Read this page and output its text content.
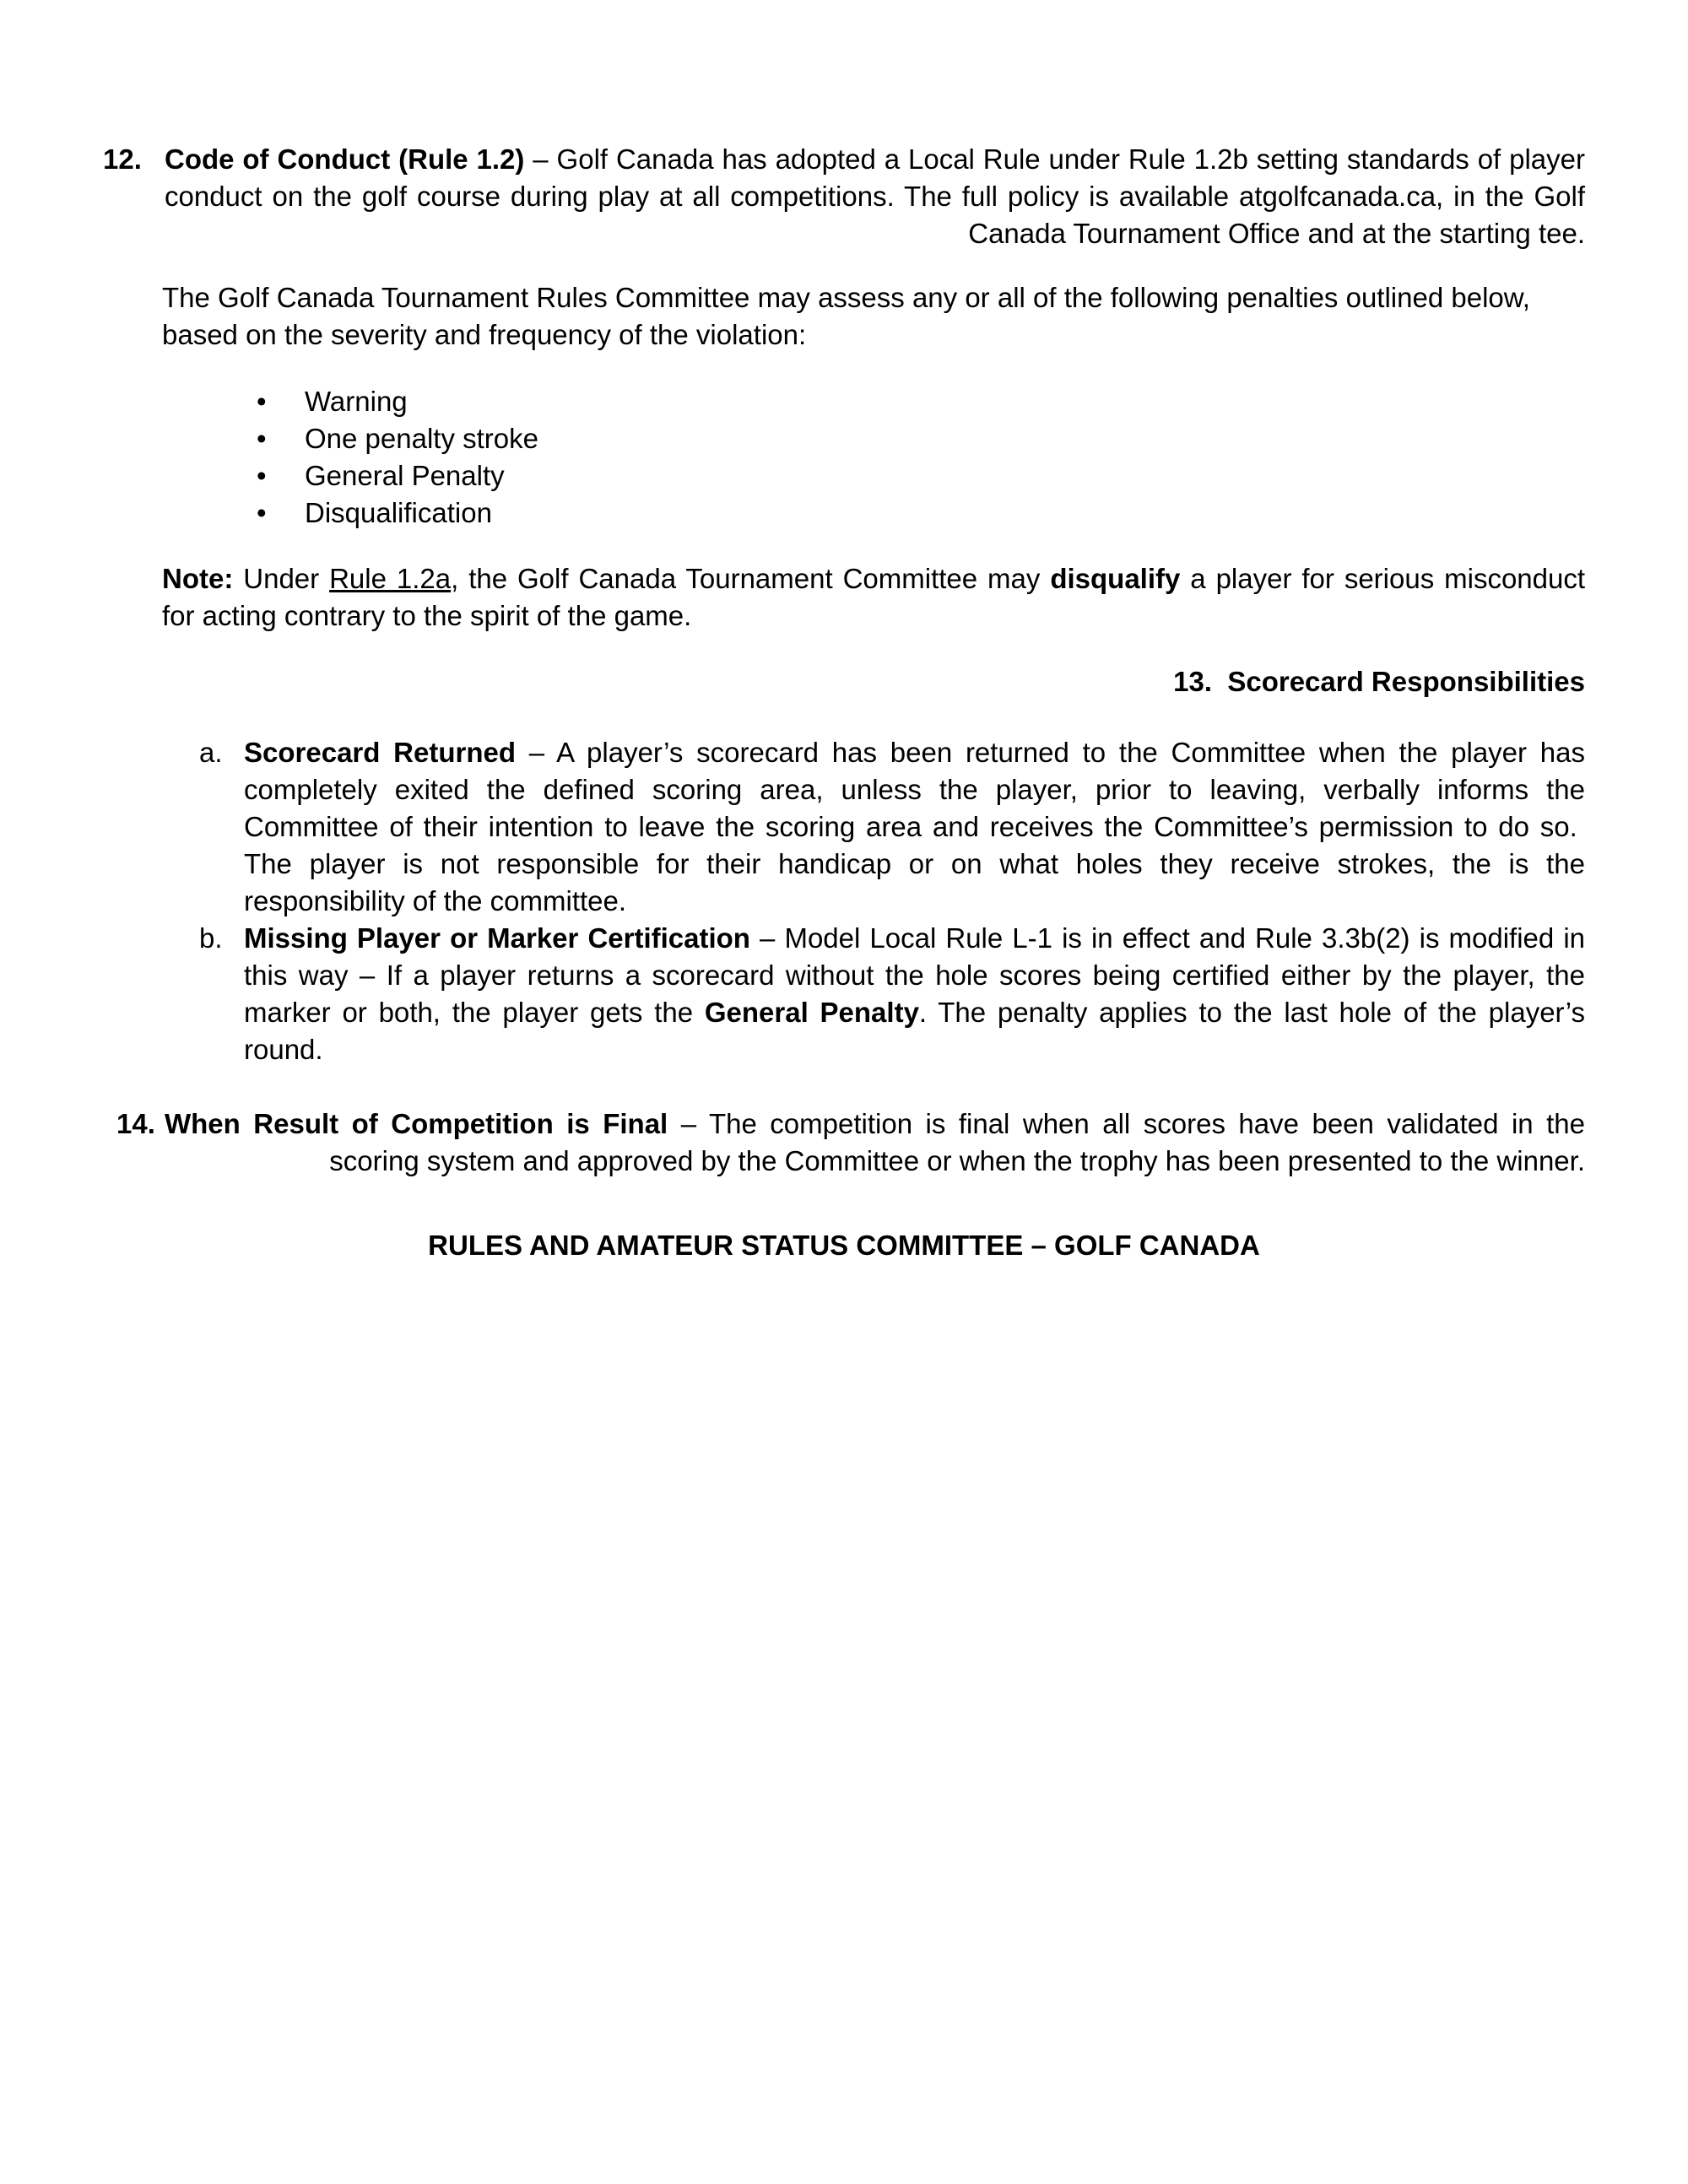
12. Code of Conduct (Rule 1.2) – Golf Canada has adopted a Local Rule under Rule 1.2b setting standards of player conduct on the golf course during play at all competitions. The full policy is available atgolfcanada.ca, in the Golf Canada Tournament Office and at the starting tee.
The Golf Canada Tournament Rules Committee may assess any or all of the following penalties outlined below, based on the severity and frequency of the violation:
• Warning
• One penalty stroke
• General Penalty
• Disqualification
Note: Under Rule 1.2a, the Golf Canada Tournament Committee may disqualify a player for serious misconduct for acting contrary to the spirit of the game.
13.  Scorecard Responsibilities
a. Scorecard Returned – A player’s scorecard has been returned to the Committee when the player has completely exited the defined scoring area, unless the player, prior to leaving, verbally informs the Committee of their intention to leave the scoring area and receives the Committee’s permission to do so.  The player is not responsible for their handicap or on what holes they receive strokes, the is the responsibility of the committee.
b. Missing Player or Marker Certification – Model Local Rule L-1 is in effect and Rule 3.3b(2) is modified in this way – If a player returns a scorecard without the hole scores being certified either by the player, the marker or both, the player gets the General Penalty. The penalty applies to the last hole of the player’s round.
14. When Result of Competition is Final – The competition is final when all scores have been validated in the scoring system and approved by the Committee or when the trophy has been presented to the winner.
RULES AND AMATEUR STATUS COMMITTEE – GOLF CANADA
